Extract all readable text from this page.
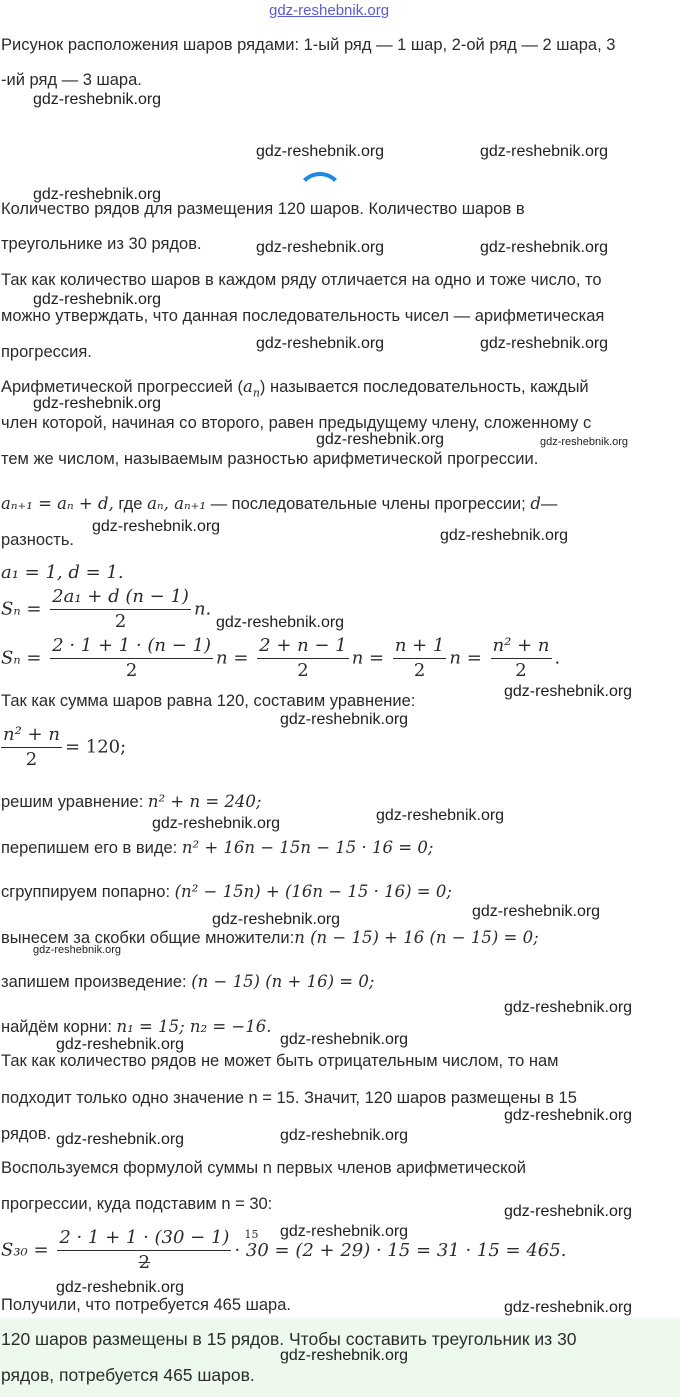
gdz-reshebnik.org
Рисунок расположения шаров рядами: 1-ый ряд — 1 шар, 2-ой ряд — 2 шара, 3
-ий ряд — 3 шара.
Количество рядов для размещения 120 шаров. Количество шаров в
треугольнике из 30 рядов.
Так как количество шаров в каждом ряду отличается на одно и тоже число, то
можно утверждать, что данная последовательность чисел — арифметическая
прогрессия.
Арифметической прогрессией $(a_n)$ называется последовательность, каждый
член которой, начиная со второго, равен предыдущему члену, сложенному с
тем же числом, называемым разностью арифметической прогрессии.
aₙ₊₁ = aₙ + d, где aₙ, aₙ₊₁ — последовательные члены прогрессии; d—
разность.
a₁ = 1, d = 1.
$S_n = \frac{\text{2a₁ + d (n − 1)}}{2} n$.
$S_n = \frac{2 \cdot 1 + 1 \cdot (n - 1)}{2}$ $n = \frac{2 + n - 1}{2}$ $n = \frac{n + 1}{2}$ $n = \frac{\text{n² + n}}{2}$ .
Так как сумма шаров равна 120, составим уравнение:
$\frac{\text{n² + n}}{2} = 120$;
решим уравнение: n² + n = 240;
перепишем его в виде: n² + 16n − 15n − 15 · 16 = 0;
сгруппируем попарно: (n² − 15n) + (16n − 15 · 16) = 0;
вынесем за скобки общие множители:n (n − 15) + 16 (n − 15) = 0;
запишем произведение: (n − 15) (n + 16) = 0;
найдём корни: n₁ = 15; n₂ = −16.
Так как количество рядов не может быть отрицательным числом, то нам
подходит только одно значение n = 15. Значит, 120 шаров размещены в 15
рядов.
Воспользуемся формулой суммы n первых членов арифметической
прогрессии, куда подставим n = 30:
$S_{30} = \frac{2 \cdot 1 + 1 \cdot (30 - 1)}{2} 15$
· 30 = (2 + 29) · 15 = 31 · 15 = 465.
Получили, что потребуется 465 шара.
120 шаров размещены в 15 рядов. Чтобы составить треугольник из 30
рядов, потребуется 465 шаров.
gdz-reshebnik.org
gdz-reshebnik.org	gdz-reshebnik.org
gdz-reshebnik.org
gdz-reshebnik.org	gdz-reshebnik.org
gdz-reshebnik.org
gdz-reshebnik.org	gdz-reshebnik.org
gdz-reshebnik.org
gdz-reshebnik.org	gdz-reshebnik.org
gdz-reshebnik.org
gdz-reshebnik.org
gdz-reshebnik.org
gdz-reshebnik.org
gdz-reshebnik.org
gdz-reshebnik.org
gdz-reshebnik.org
gdz-reshebnik.org
gdz-reshebnik.org
gdz-reshebnik.org
gdz-reshebnik.org
gdz-reshebnik.org
gdz-reshebnik.org
gdz-reshebnik.org
gdz-reshebnik.org
gdz-reshebnik.org
gdz-reshebnik.org
gdz-reshebnik.org
gdz-reshebnik.org
gdz-reshebnik.org
gdz-reshebnik.org
